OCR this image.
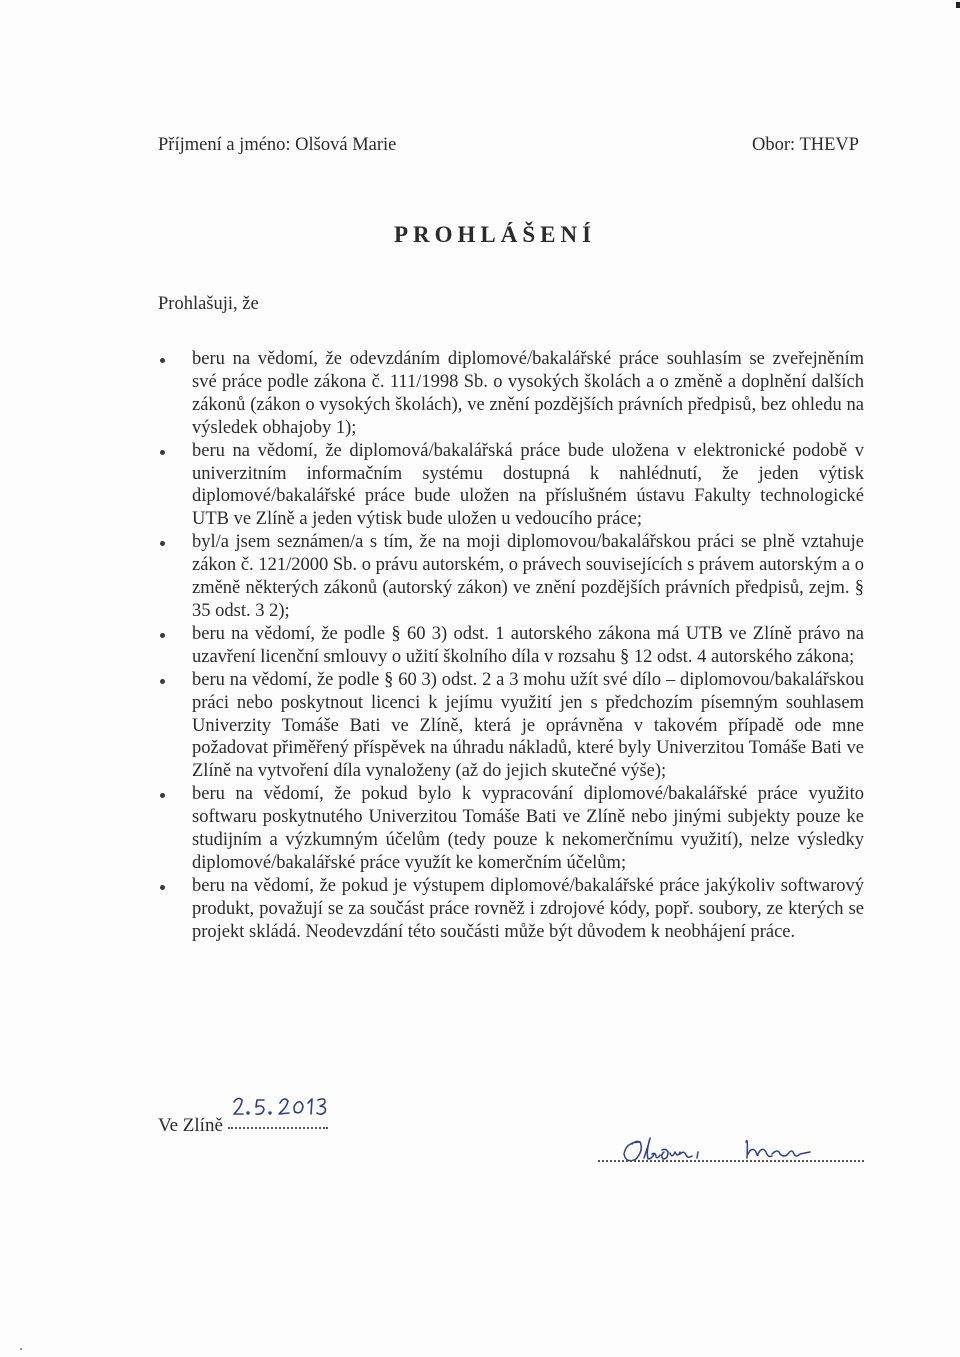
Příjmení a jméno: Olšová Marie	Obor: THEVP
PROHLÁŠENÍ
Prohlašuji, že
beru na vědomí, že odevzdáním diplomové/bakalářské práce souhlasím se zveřejněním své práce podle zákona č. 111/1998 Sb. o vysokých školách a o změně a doplnění dalších zákonů (zákon o vysokých školách), ve znění pozdějších právních předpisů, bez ohledu na výsledek obhajoby 1);
beru na vědomí, že diplomová/bakalářská práce bude uložena v elektronické podobě v univerzitním informačním systému dostupná k nahlédnutí, že jeden výtisk diplomové/bakalářské práce bude uložen na příslušném ústavu Fakulty technologické UTB ve Zlíně a jeden výtisk bude uložen u vedoucího práce;
byl/a jsem seznámen/a s tím, že na moji diplomovou/bakalářskou práci se plně vztahuje zákon č. 121/2000 Sb. o právu autorském, o právech souvisejících s právem autorským a o změně některých zákonů (autorský zákon) ve znění pozdějších právních předpisů, zejm. § 35 odst. 3 2);
beru na vědomí, že podle § 60 3) odst. 1 autorského zákona má UTB ve Zlíně právo na uzavření licenční smlouvy o užití školního díla v rozsahu § 12 odst. 4 autorského zákona;
beru na vědomí, že podle § 60 3) odst. 2 a 3 mohu užít své dílo – diplomovou/bakalářskou práci nebo poskytnout licenci k jejímu využití jen s předchozím písemným souhlasem Univerzity Tomáše Bati ve Zlíně, která je oprávněna v takovém případě ode mne požadovat přiměřený příspěvek na úhradu nákladů, které byly Univerzitou Tomáše Bati ve Zlíně na vytvoření díla vynaloženy (až do jejich skutečné výše);
beru na vědomí, že pokud bylo k vypracování diplomové/bakalářské práce využito softwaru poskytnutého Univerzitou Tomáše Bati ve Zlíně nebo jinými subjekty pouze ke studijním a výzkumným účelům (tedy pouze k nekomerčnímu využití), nelze výsledky diplomové/bakalářské práce využít ke komerčním účelům;
beru na vědomí, že pokud je výstupem diplomové/bakalářské práce jakýkoliv softwarový produkt, považují se za součást práce rovněž i zdrojové kódy, popř. soubory, ze kterých se projekt skládá. Neodevzdání této součásti může být důvodem k neobhájení práce.
Ve Zlíně
